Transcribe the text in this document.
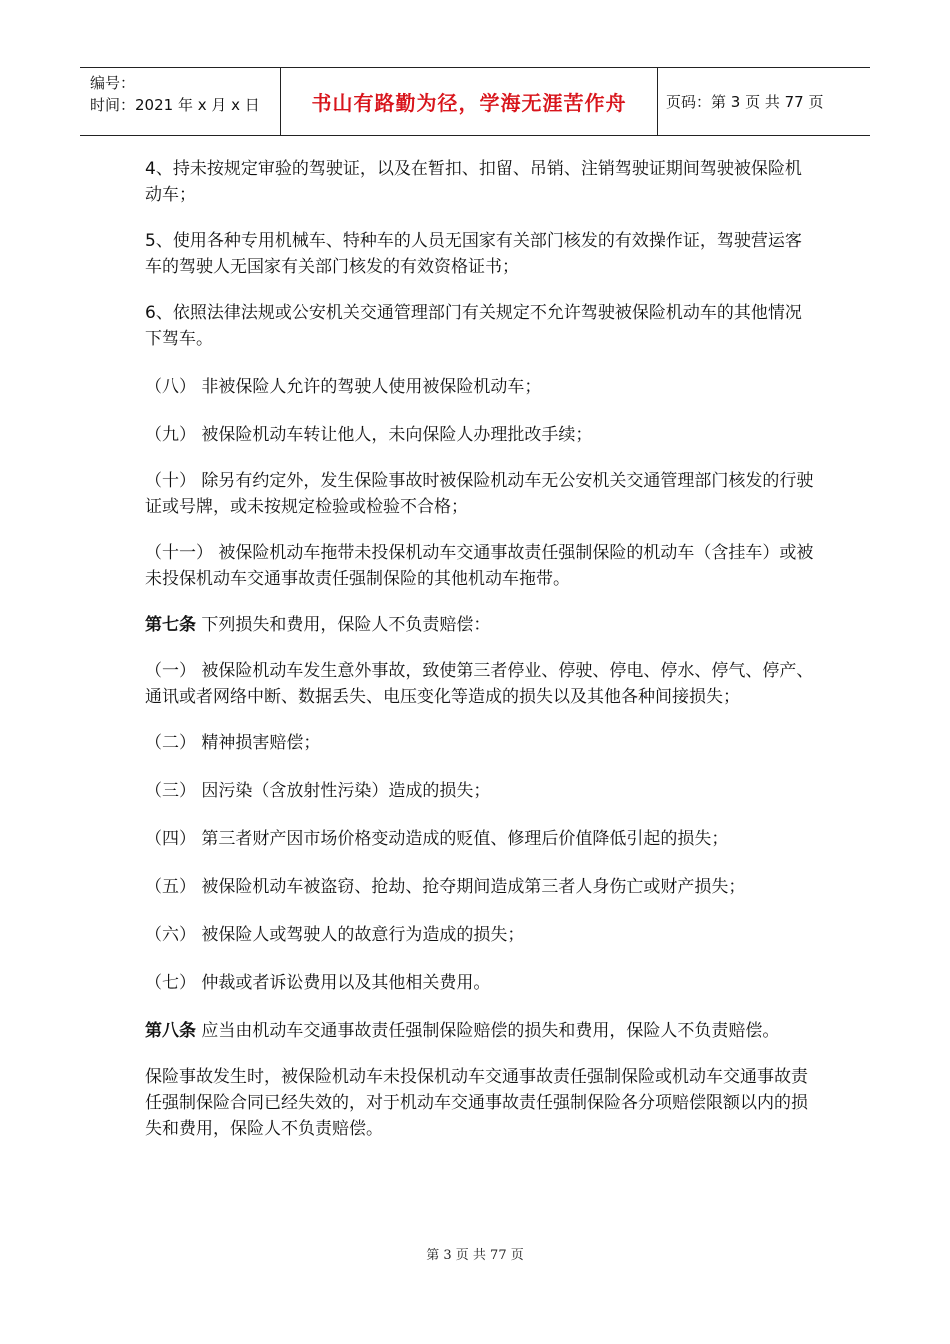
编号：
时间：2021 年 x 月 x 日	书山有路勤为径，学海无涯苦作舟	页码：第 3 页 共 77 页

4、持未按规定审验的驾驶证，以及在暂扣、扣留、吊销、注销驾驶证期间驾驶被保险机动车；

5、使用各种专用机械车、特种车的人员无国家有关部门核发的有效操作证，驾驶营运客车的驾驶人无国家有关部门核发的有效资格证书；

6、依照法律法规或公安机关交通管理部门有关规定不允许驾驶被保险机动车的其他情况下驾车。

（八） 非被保险人允许的驾驶人使用被保险机动车；

（九） 被保险机动车转让他人，未向保险人办理批改手续；

（十） 除另有约定外，发生保险事故时被保险机动车无公安机关交通管理部门核发的行驶证或号牌，或未按规定检验或检验不合格；

（十一） 被保险机动车拖带未投保机动车交通事故责任强制保险的机动车（含挂车）或被未投保机动车交通事故责任强制保险的其他机动车拖带。

第七条 下列损失和费用，保险人不负责赔偿：

（一） 被保险机动车发生意外事故，致使第三者停业、停驶、停电、停水、停气、停产、通讯或者网络中断、数据丢失、电压变化等造成的损失以及其他各种间接损失；

（二） 精神损害赔偿；

（三） 因污染（含放射性污染）造成的损失；

（四） 第三者财产因市场价格变动造成的贬值、修理后价值降低引起的损失；

（五） 被保险机动车被盗窃、抢劫、抢夺期间造成第三者人身伤亡或财产损失；

（六） 被保险人或驾驶人的故意行为造成的损失；

（七） 仲裁或者诉讼费用以及其他相关费用。

第八条 应当由机动车交通事故责任强制保险赔偿的损失和费用，保险人不负责赔偿。

保险事故发生时，被保险机动车未投保机动车交通事故责任强制保险或机动车交通事故责任强制保险合同已经失效的，对于机动车交通事故责任强制保险各分项赔偿限额以内的损失和费用，保险人不负责赔偿。

第 3 页 共 77 页
